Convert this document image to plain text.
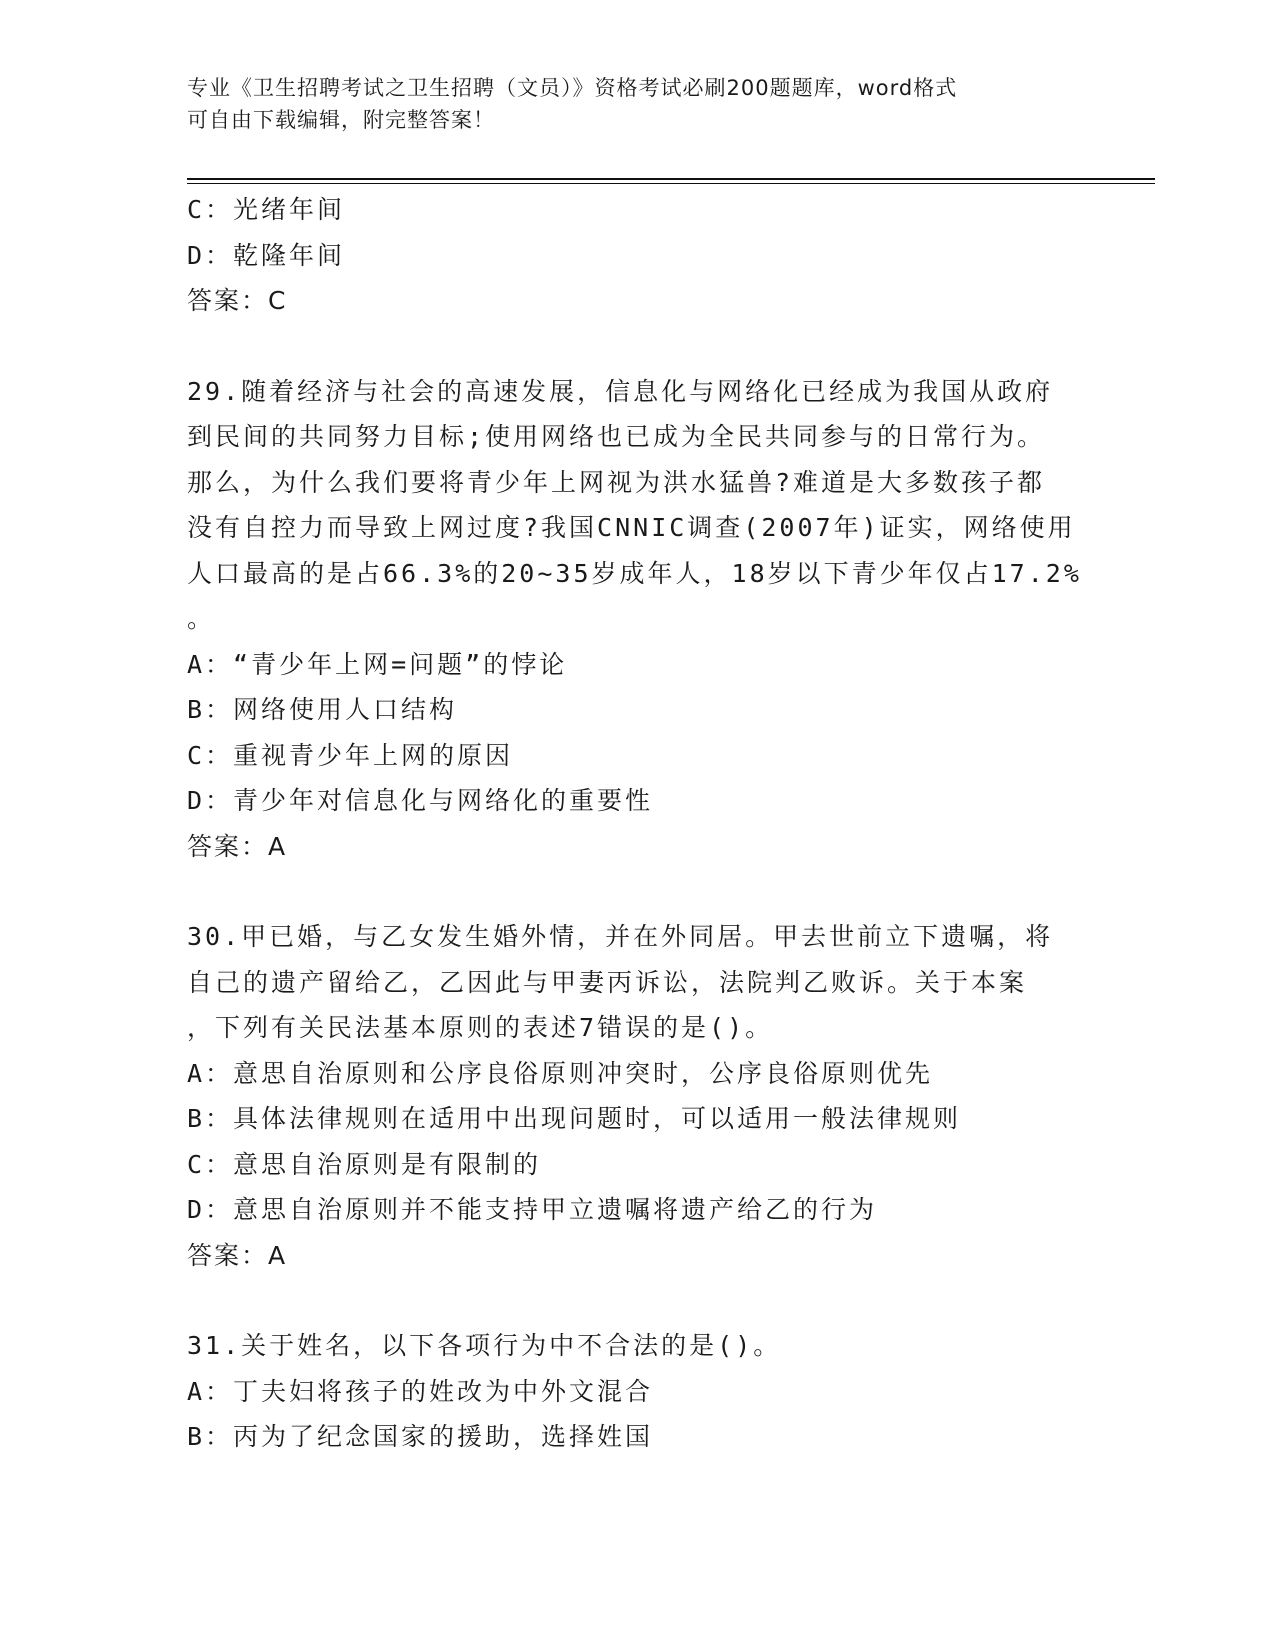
专业《卫生招聘考试之卫生招聘（文员）》资格考试必刷200题题库，word格式
可自由下载编辑，附完整答案！
C：光绪年间
D：乾隆年间
答案：C
29.随着经济与社会的高速发展，信息化与网络化已经成为我国从政府
到民间的共同努力目标;使用网络也已成为全民共同参与的日常行为。
那么，为什么我们要将青少年上网视为洪水猛兽?难道是大多数孩子都
没有自控力而导致上网过度?我国CNNIC调查(2007年)证实，网络使用
人口最高的是占66.3%的20~35岁成年人，18岁以下青少年仅占17.2%
。
A：“青少年上网=问题”的悖论
B：网络使用人口结构
C：重视青少年上网的原因
D：青少年对信息化与网络化的重要性
答案：A
30.甲已婚，与乙女发生婚外情，并在外同居。甲去世前立下遗嘱，将
自己的遗产留给乙，乙因此与甲妻丙诉讼，法院判乙败诉。关于本案
，下列有关民法基本原则的表述7错误的是()。
A：意思自治原则和公序良俗原则冲突时，公序良俗原则优先
B：具体法律规则在适用中出现问题时，可以适用一般法律规则
C：意思自治原则是有限制的
D：意思自治原则并不能支持甲立遗嘱将遗产给乙的行为
答案：A
31.关于姓名，以下各项行为中不合法的是()。
A：丁夫妇将孩子的姓改为中外文混合
B：丙为了纪念国家的援助，选择姓国
